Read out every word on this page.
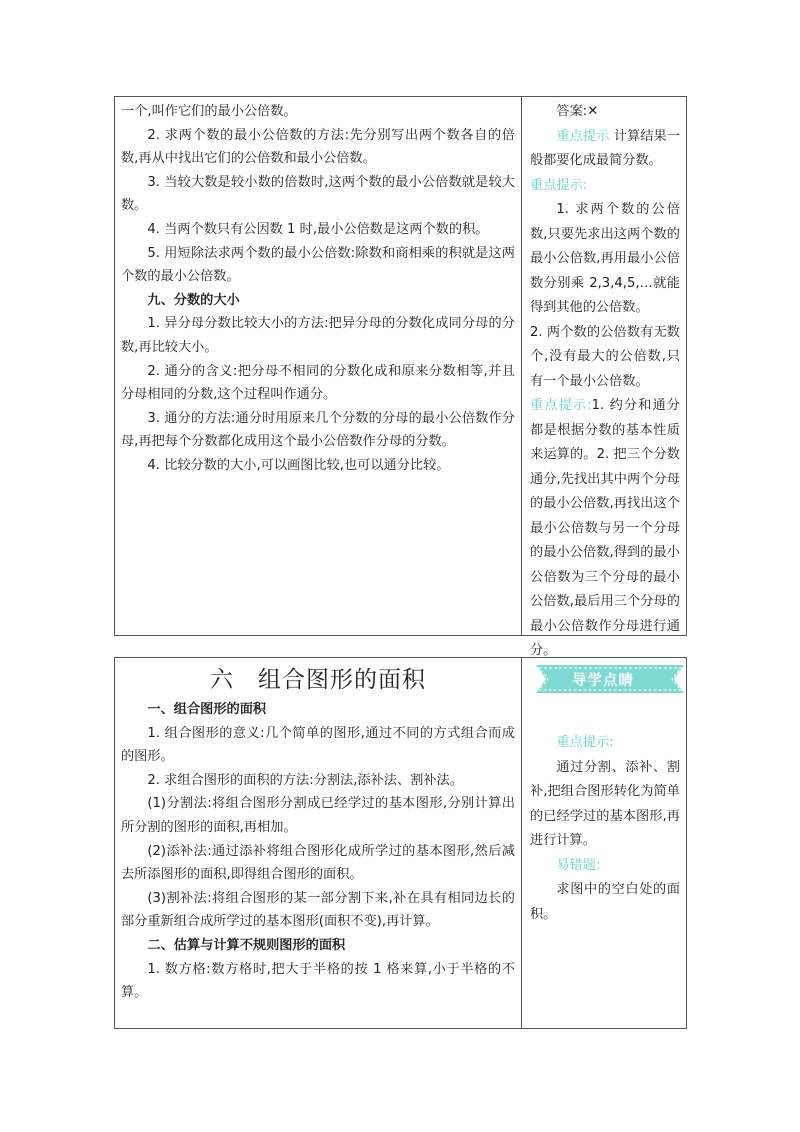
一个,叫作它们的最小公倍数。

2. 求两个数的最小公倍数的方法:先分别写出两个数各自的倍数,再从中找出它们的公倍数和最小公倍数。

3. 当较大数是较小数的倍数时,这两个数的最小公倍数就是较大数。

4. 当两个数只有公因数 1 时,最小公倍数是这两个数的积。

5. 用短除法求两个数的最小公倍数:除数和商相乘的积就是这两个数的最小公倍数。

九、分数的大小

1. 异分母分数比较大小的方法:把异分母的分数化成同分母的分数,再比较大小。

2. 通分的含义:把分母不相同的分数化成和原来分数相等,并且分母相同的分数,这个过程叫作通分。

3. 通分的方法:通分时用原来几个分数的分母的最小公倍数作分母,再把每个分数都化成用这个最小公倍数作分母的分数。

4. 比较分数的大小,可以画图比较,也可以通分比较。

答案:✕

重点提示 计算结果一般都要化成最简分数。

重点提示:

1. 求两个数的公倍数,只要先求出这两个数的最小公倍数,再用最小公倍数分别乘 2,3,4,5,…就能得到其他的公倍数。

2. 两个数的公倍数有无数个,没有最大的公倍数,只有一个最小公倍数。

重点提示:1. 约分和通分都是根据分数的基本性质来运算的。2. 把三个分数通分,先找出其中两个分母的最小公倍数,再找出这个最小公倍数与另一个分母的最小公倍数,得到的最小公倍数为三个分母的最小公倍数,最后用三个分母的最小公倍数作分母进行通分。

六　组合图形的面积

一、组合图形的面积

1. 组合图形的意义:几个简单的图形,通过不同的方式组合而成的图形。

2. 求组合图形的面积的方法:分割法,添补法、割补法。

(1)分割法:将组合图形分割成已经学过的基本图形,分别计算出所分割的图形的面积,再相加。

(2)添补法:通过添补将组合图形化成所学过的基本图形,然后减去所添图形的面积,即得组合图形的面积。

(3)割补法:将组合图形的某一部分割下来,补在具有相同边长的部分重新组合成所学过的基本图形(面积不变),再计算。

二、估算与计算不规则图形的面积

1. 数方格:数方格时,把大于半格的按 1 格来算,小于半格的不算。

导学点睛

重点提示:

通过分割、添补、割补,把组合图形转化为简单的已经学过的基本图形,再进行计算。

易错题:

求图中的空白处的面积。
